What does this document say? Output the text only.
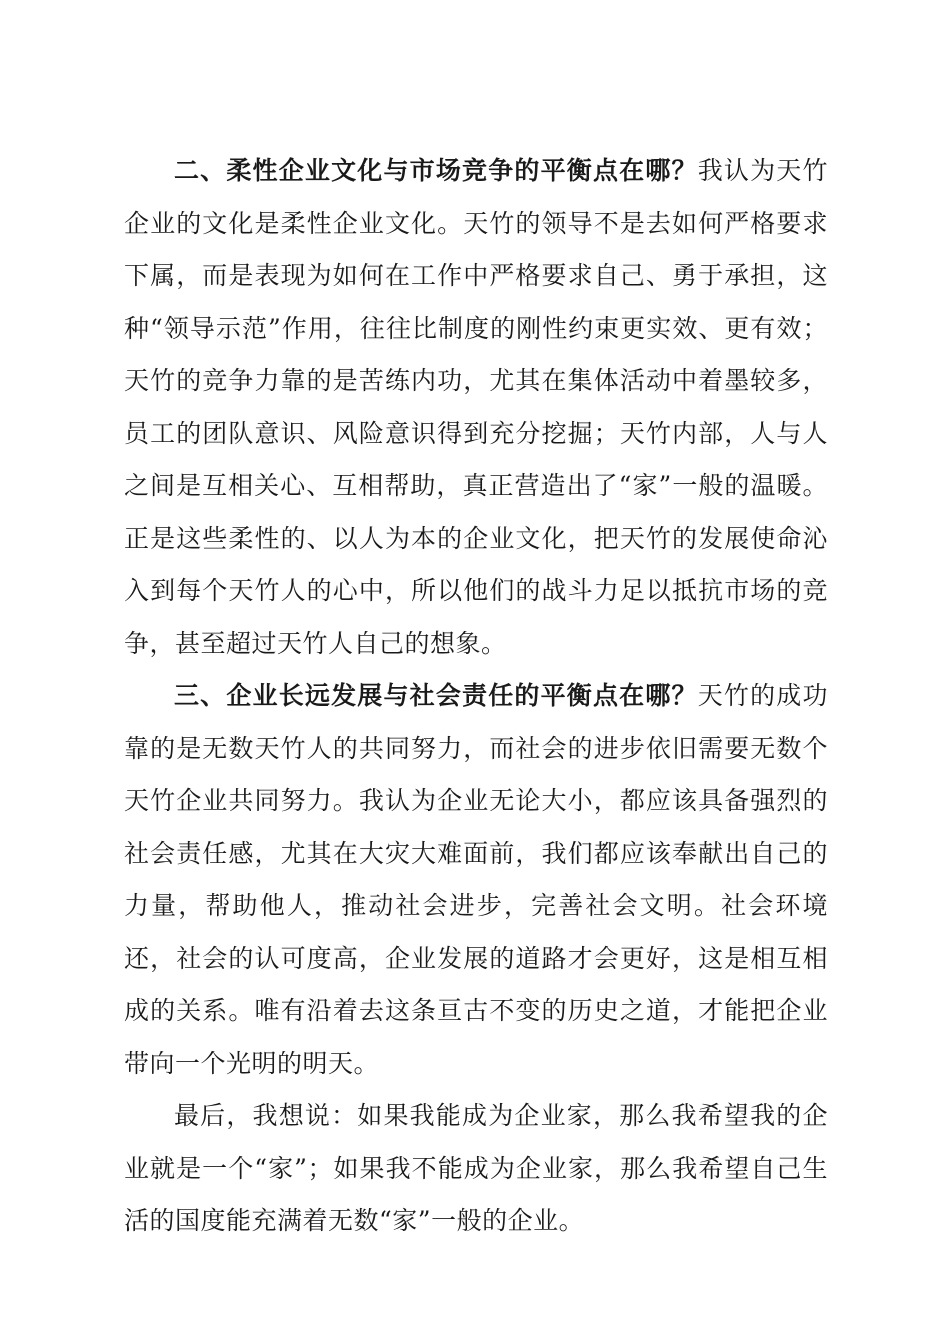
二、柔性企业文化与市场竞争的平衡点在哪？我认为天竹企业的文化是柔性企业文化。天竹的领导不是去如何严格要求下属，而是表现为如何在工作中严格要求自己、勇于承担，这种“领导示范”作用，往往比制度的刚性约束更实效、更有效；天竹的竞争力靠的是苦练内功，尤其在集体活动中着墨较多，员工的团队意识、风险意识得到充分挖掘；天竹内部，人与人之间是互相关心、互相帮助，真正营造出了“家”一般的温暖。正是这些柔性的、以人为本的企业文化，把天竹的发展使命沁入到每个天竹人的心中，所以他们的战斗力足以抵抗市场的竞争，甚至超过天竹人自己的想象。

三、企业长远发展与社会责任的平衡点在哪？天竹的成功靠的是无数天竹人的共同努力，而社会的进步依旧需要无数个天竹企业共同努力。我认为企业无论大小，都应该具备强烈的社会责任感，尤其在大灾大难面前，我们都应该奉献出自己的力量，帮助他人，推动社会进步，完善社会文明。社会环境还，社会的认可度高，企业发展的道路才会更好，这是相互相成的关系。唯有沿着去这条亘古不变的历史之道，才能把企业带向一个光明的明天。

最后，我想说：如果我能成为企业家，那么我希望我的企业就是一个“家”；如果我不能成为企业家，那么我希望自己生活的国度能充满着无数“家”一般的企业。
